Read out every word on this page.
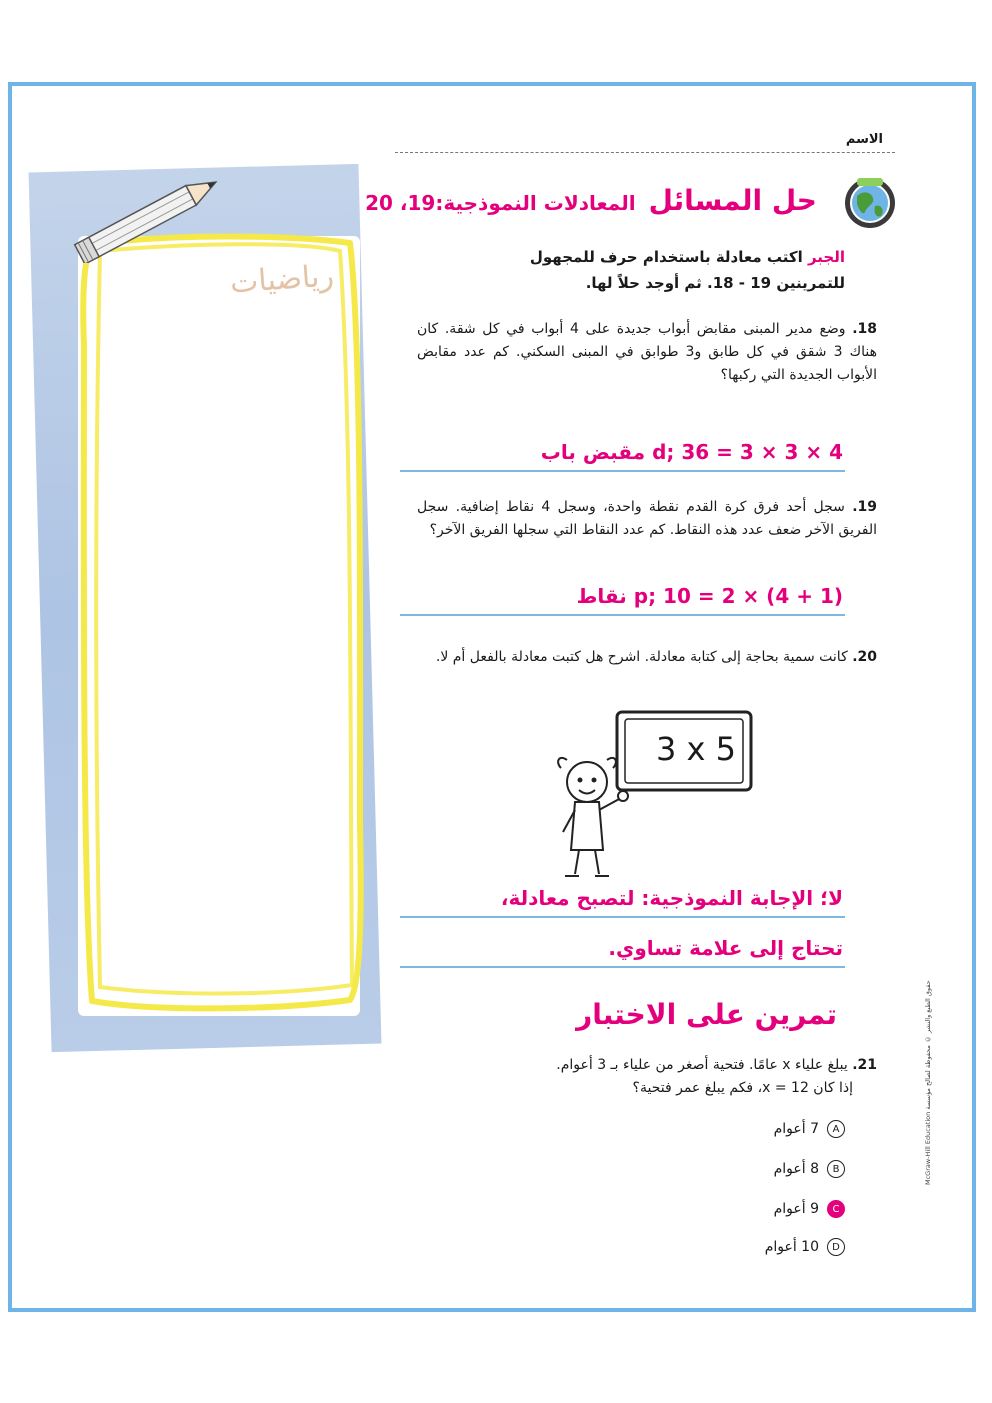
رياضيات
الاسم
حل المسائل المعادلات النموذجية:19، 20
الجبر اكتب معادلة باستخدام حرف للمجهول
للتمرينين 19 - 18. ثم أوجد حلاً لها.
18. وضع مدير المبنى مقابض أبواب جديدة على 4 أبواب في كل شقة. كان هناك 3 شقق في كل طابق و3 طوابق في المبنى السكني. كم عدد مقابض الأبواب الجديدة التي ركبها؟
4 × 3 × 3 = d; 36 مقبض باب
19. سجل أحد فرق كرة القدم نقطة واحدة، وسجل 4 نقاط إضافية. سجل الفريق الآخر ضعف عدد هذه النقاط. كم عدد النقاط التي سجلها الفريق الآخر؟
(1 + 4) × 2 = p; 10 نقاط
20. كانت سمية بحاجة إلى كتابة معادلة. اشرح هل كتبت معادلة بالفعل أم لا.
3 x 5
لا؛ الإجابة النموذجية: لتصبح معادلة،
تحتاج إلى علامة تساوي.
تمرين على الاختبار
21. يبلغ علياء x عامًا. فتحية أصغر من علياء بـ 3 أعوام.
إذا كان 12 = x، فكم يبلغ عمر فتحية؟
A
7 أعوام
B
8 أعوام
C
9 أعوام
D
10 أعوام
حقوق الطبع والنشر © محفوظة لصالح مؤسسة McGraw-Hill Education
